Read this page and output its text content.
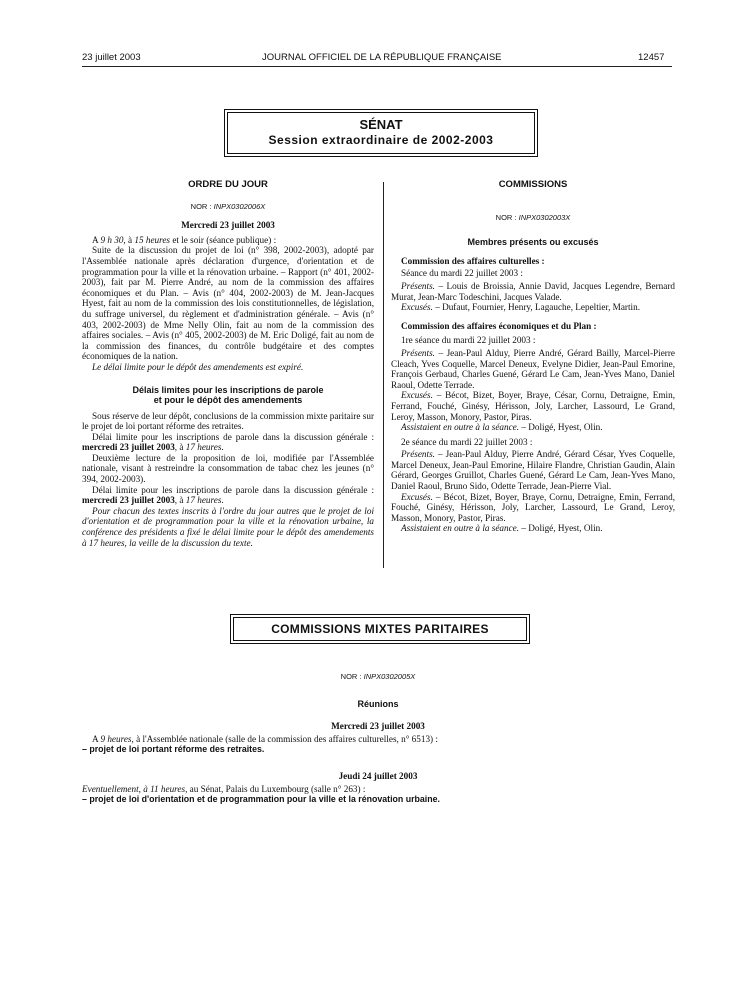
23 juillet 2003	JOURNAL OFFICIEL DE LA RÉPUBLIQUE FRANÇAISE	12457
SÉNAT
Session extraordinaire de 2002-2003

ORDRE DU JOUR

NOR : INPX0302006X

Mercredi 23 juillet 2003

A 9 h 30, à 15 heures et le soir (séance publique) :

Suite de la discussion du projet de loi (n° 398, 2002-2003), adopté par l'Assemblée nationale après déclaration d'urgence, d'orientation et de programmation pour la ville et la rénovation urbaine. – Rapport (n° 401, 2002-2003), fait par M. Pierre André, au nom de la commission des affaires économiques et du Plan. – Avis (n° 404, 2002-2003) de M. Jean-Jacques Hyest, fait au nom de la commission des lois constitutionnelles, de législation, du suffrage universel, du règlement et d'administration générale. – Avis (n° 403, 2002-2003) de Mme Nelly Olin, fait au nom de la commission des affaires sociales. – Avis (n° 405, 2002-2003) de M. Eric Doligé, fait au nom de la commission des finances, du contrôle budgétaire et des comptes économiques de la nation.

Le délai limite pour le dépôt des amendements est expiré.

Délais limites pour les inscriptions de parole

et pour le dépôt des amendements

Sous réserve de leur dépôt, conclusions de la commission mixte paritaire sur le projet de loi portant réforme des retraites.

Délai limite pour les inscriptions de parole dans la discussion générale : mercredi 23 juillet 2003, à 17 heures.

Deuxième lecture de la proposition de loi, modifiée par l'Assemblée nationale, visant à restreindre la consommation de tabac chez les jeunes (n° 394, 2002-2003).

Délai limite pour les inscriptions de parole dans la discussion générale : mercredi 23 juillet 2003, à 17 heures.

Pour chacun des textes inscrits à l'ordre du jour autres que le projet de loi d'orientation et de programmation pour la ville et la rénovation urbaine, la conférence des présidents a fixé le délai limite pour le dépôt des amendements à 17 heures, la veille de la discussion du texte.

COMMISSIONS

NOR : INPX0302003X

Membres présents ou excusés

Commission des affaires culturelles :

Séance du mardi 22 juillet 2003 :

Présents. – Louis de Broissia, Annie David, Jacques Legendre, Bernard Murat, Jean-Marc Todeschini, Jacques Valade.

Excusés. – Dufaut, Fournier, Henry, Lagauche, Lepeltier, Martin.

Commission des affaires économiques et du Plan :

1re séance du mardi 22 juillet 2003 :

Présents. – Jean-Paul Alduy, Pierre André, Gérard Bailly, Marcel-Pierre Cleach, Yves Coquelle, Marcel Deneux, Evelyne Didier, Jean-Paul Emorine, François Gerbaud, Charles Guené, Gérard Le Cam, Jean-Yves Mano, Daniel Raoul, Odette Terrade.

Excusés. – Bécot, Bizet, Boyer, Braye, César, Cornu, Detraigne, Emin, Ferrand, Fouché, Ginésy, Hérisson, Joly, Larcher, Lassourd, Le Grand, Leroy, Masson, Monory, Pastor, Piras.

Assistaient en outre à la séance. – Doligé, Hyest, Olin.

2e séance du mardi 22 juillet 2003 :

Présents. – Jean-Paul Alduy, Pierre André, Gérard César, Yves Coquelle, Marcel Deneux, Jean-Paul Emorine, Hilaire Flandre, Christian Gaudin, Alain Gérard, Georges Gruillot, Charles Guené, Gérard Le Cam, Jean-Yves Mano, Daniel Raoul, Bruno Sido, Odette Terrade, Jean-Pierre Vial.

Excusés. – Bécot, Bizet, Boyer, Braye, Cornu, Detraigne, Emin, Ferrand, Fouché, Ginésy, Hérisson, Joly, Larcher, Lassourd, Le Grand, Leroy, Masson, Monory, Pastor, Piras.

Assistaient en outre à la séance. – Doligé, Hyest, Olin.

COMMISSIONS MIXTES PARITAIRES

NOR : INPX0302005X

Réunions

Mercredi 23 juillet 2003

A 9 heures, à l'Assemblée nationale (salle de la commission des affaires culturelles, n° 6513) :

– projet de loi portant réforme des retraites.

Jeudi 24 juillet 2003

Eventuellement, à 11 heures, au Sénat, Palais du Luxembourg (salle n° 263) :

– projet de loi d'orientation et de programmation pour la ville et la rénovation urbaine.
